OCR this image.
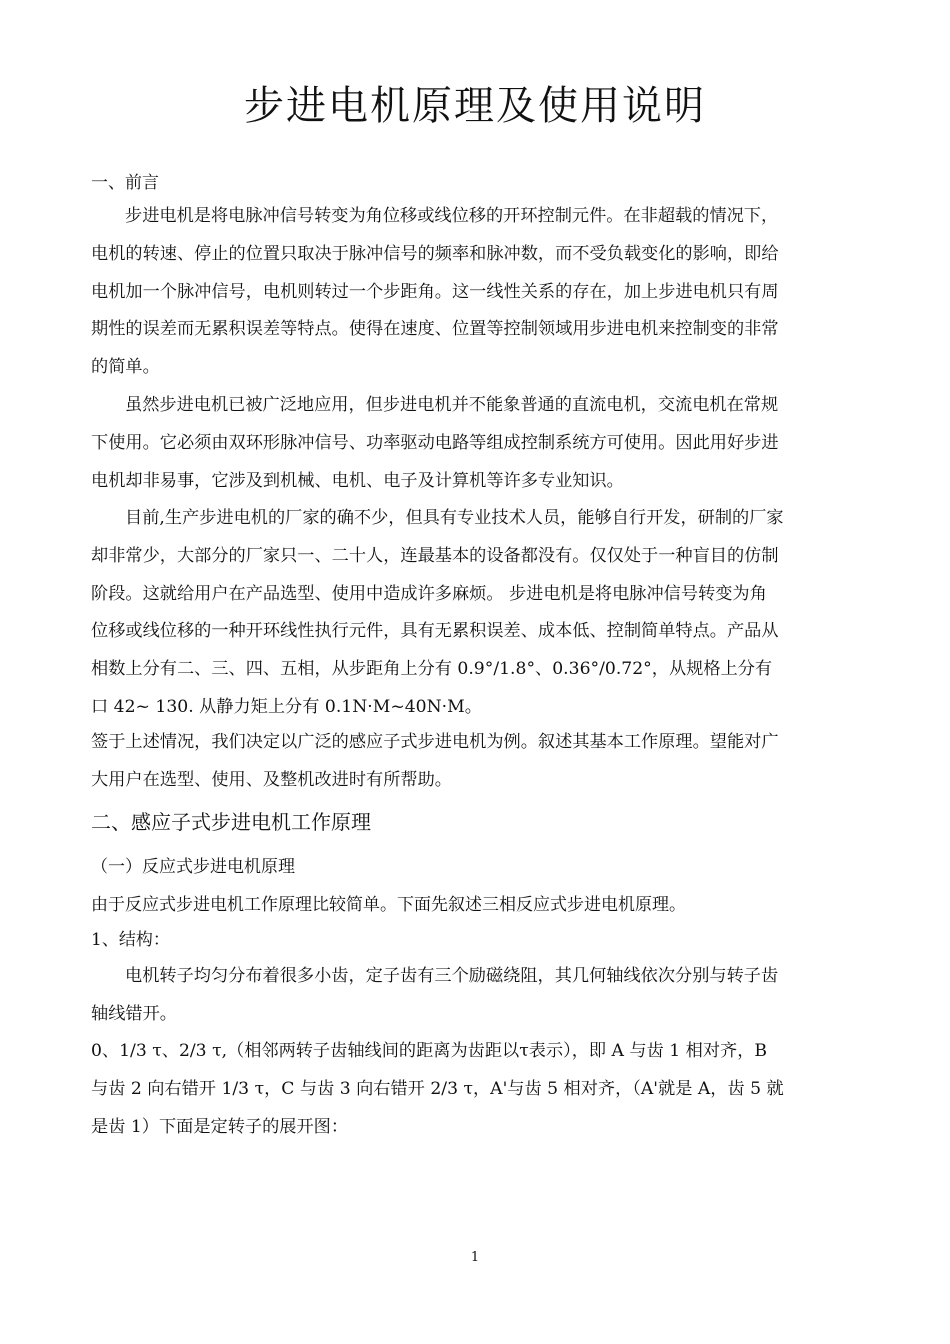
步进电机原理及使用说明
一、前言
步进电机是将电脉冲信号转变为角位移或线位移的开环控制元件。在非超载的情况下，
电机的转速、停止的位置只取决于脉冲信号的频率和脉冲数，而不受负载变化的影响，即给
电机加一个脉冲信号，电机则转过一个步距角。这一线性关系的存在，加上步进电机只有周
期性的误差而无累积误差等特点。使得在速度、位置等控制领域用步进电机来控制变的非常
的简单。
虽然步进电机已被广泛地应用，但步进电机并不能象普通的直流电机，交流电机在常规
下使用。它必须由双环形脉冲信号、功率驱动电路等组成控制系统方可使用。因此用好步进
电机却非易事，它涉及到机械、电机、电子及计算机等许多专业知识。
目前,生产步进电机的厂家的确不少，但具有专业技术人员，能够自行开发，研制的厂家
却非常少，大部分的厂家只一、二十人，连最基本的设备都没有。仅仅处于一种盲目的仿制
阶段。这就给用户在产品选型、使用中造成许多麻烦。 步进电机是将电脉冲信号转变为角
位移或线位移的一种开环线性执行元件，具有无累积误差、成本低、控制简单特点。产品从
相数上分有二、三、四、五相，从步距角上分有 0.9°/1.8°、0.36°/0.72°，从规格上分有
口 42~ 130. 从静力矩上分有 0.1N·M~40N·M。
签于上述情况，我们决定以广泛的感应子式步进电机为例。叙述其基本工作原理。望能对广
大用户在选型、使用、及整机改进时有所帮助。
二、感应子式步进电机工作原理
（一）反应式步进电机原理
由于反应式步进电机工作原理比较简单。下面先叙述三相反应式步进电机原理。
1、结构：
电机转子均匀分布着很多小齿，定子齿有三个励磁绕阻，其几何轴线依次分别与转子齿
轴线错开。
0、1/3 τ、2/3 τ,（相邻两转子齿轴线间的距离为齿距以τ表示），即 A 与齿 1 相对齐，B
与齿 2 向右错开 1/3 τ，C 与齿 3 向右错开 2/3 τ，A'与齿 5 相对齐，（A'就是 A，齿 5 就
是齿 1）下面是定转子的展开图：
1
